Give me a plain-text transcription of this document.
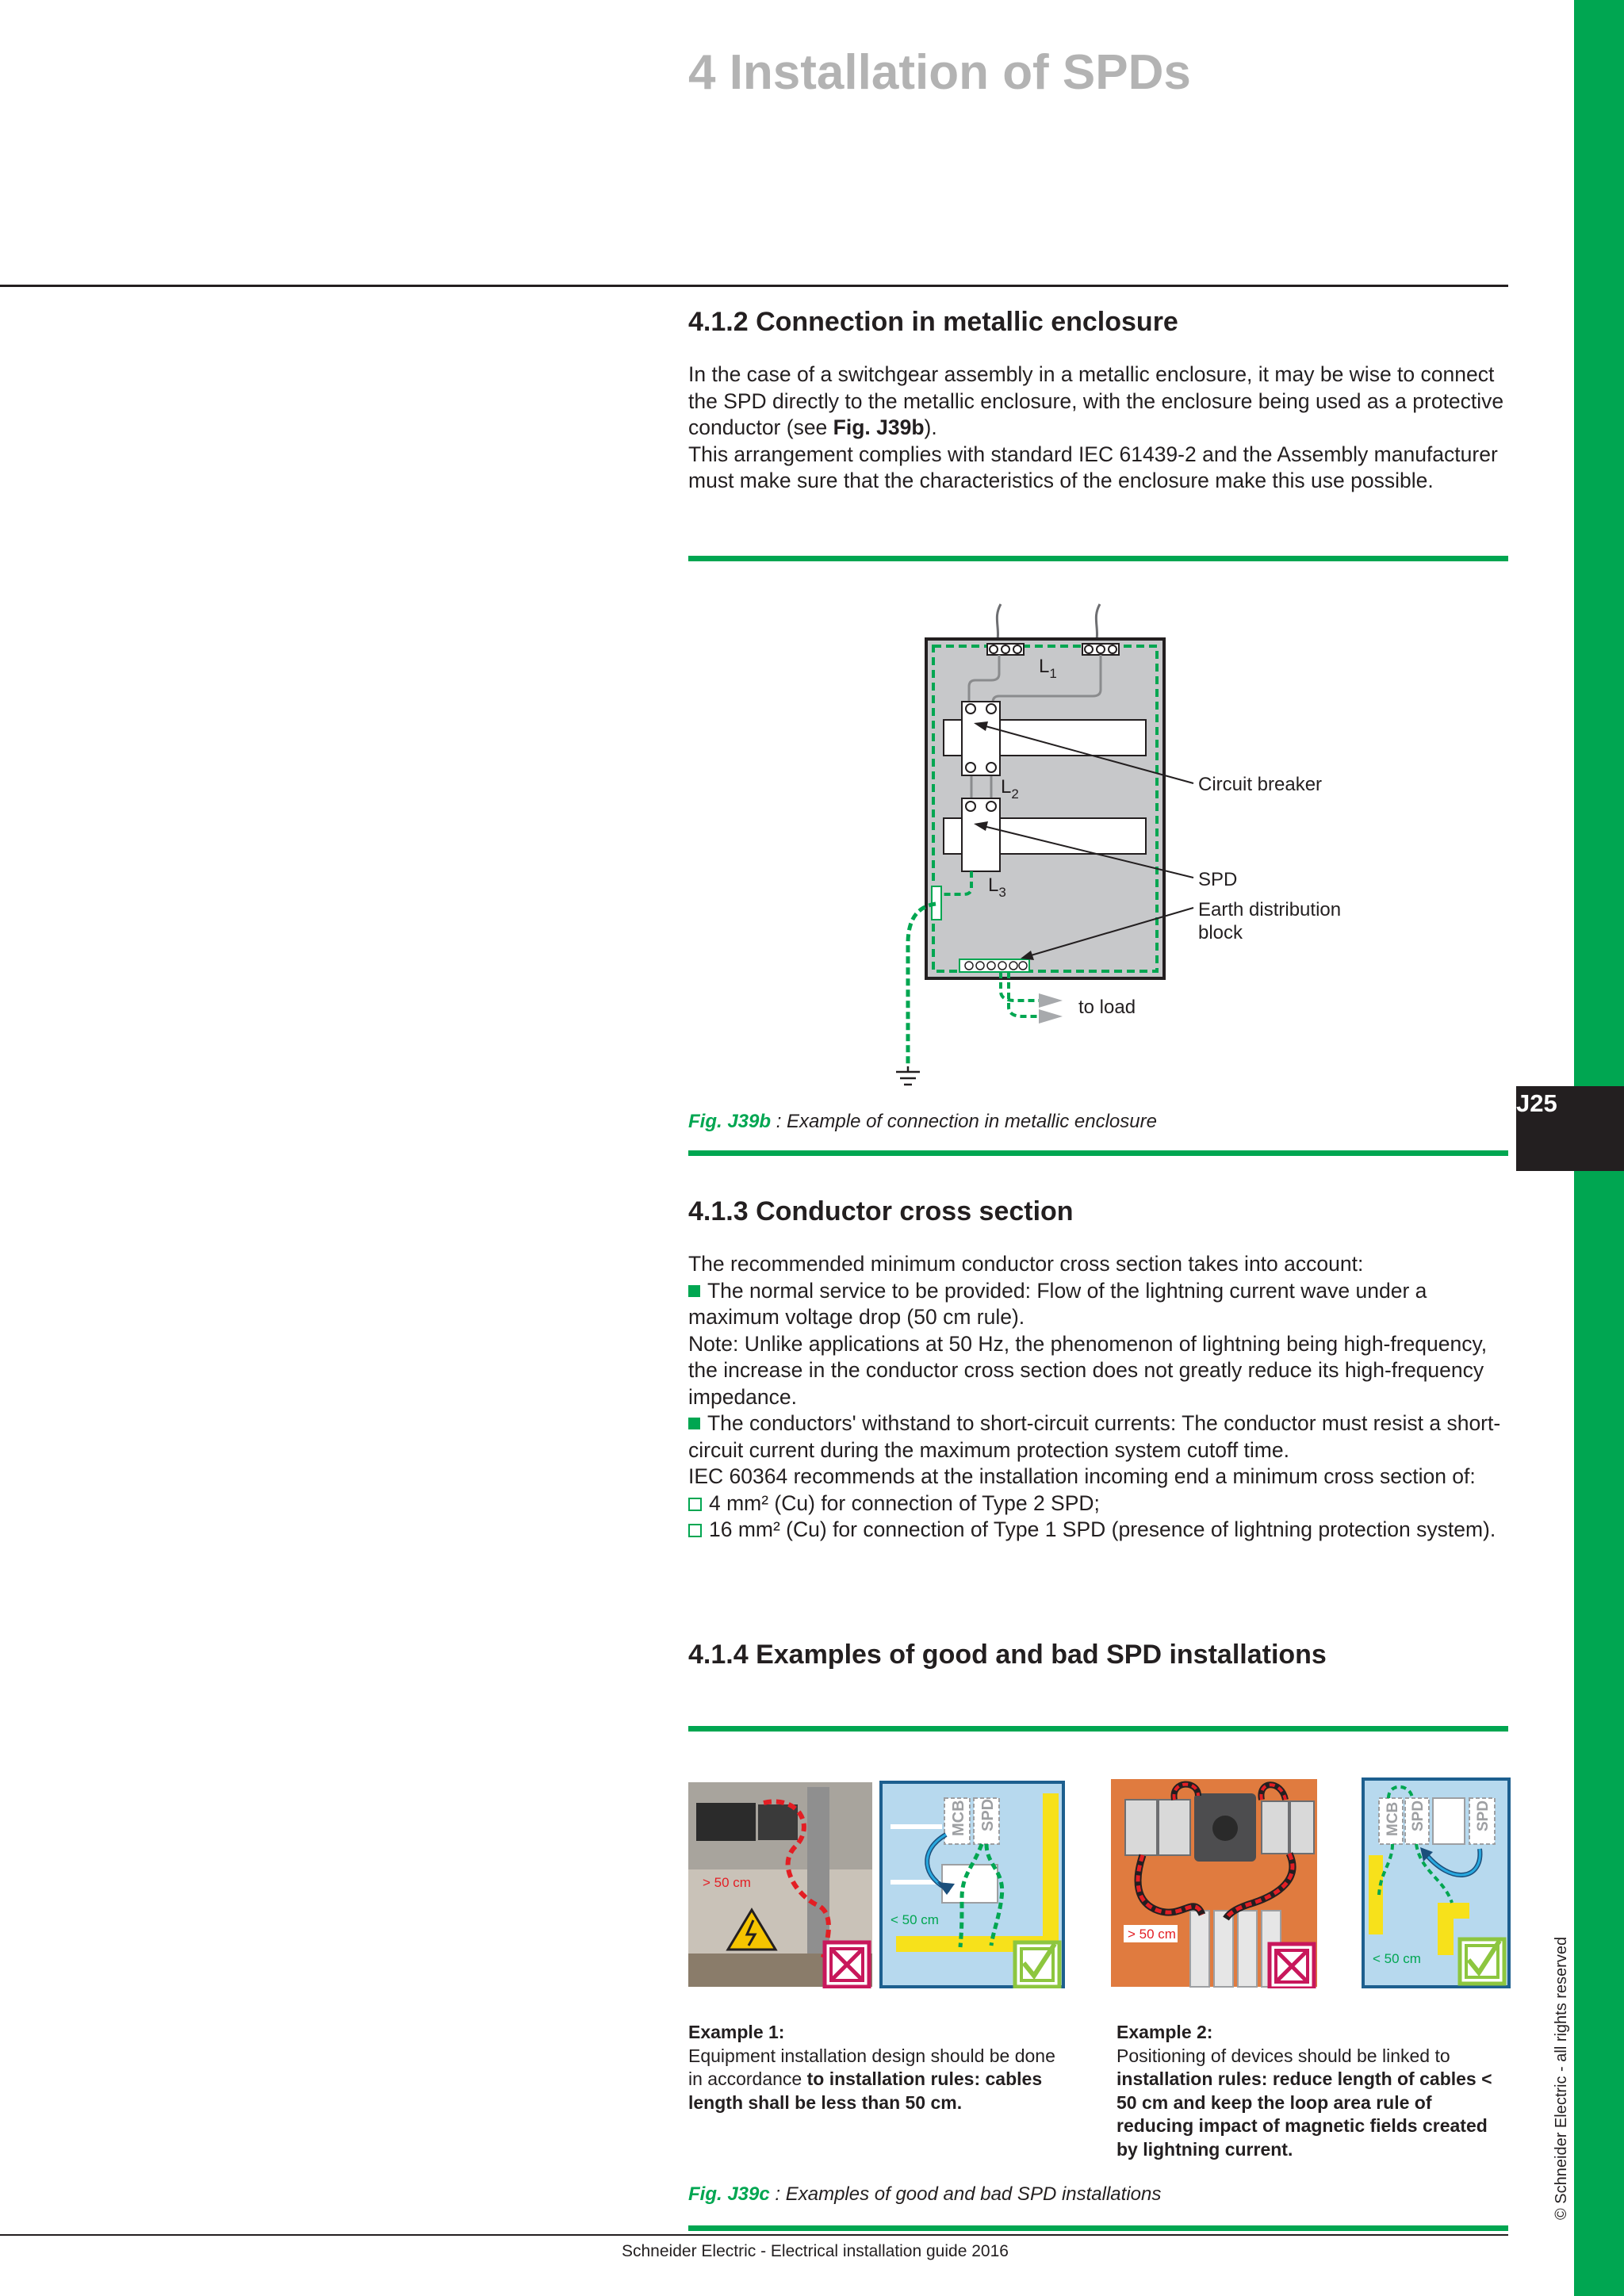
J25
© Schneider Electric - all rights reserved
4 Installation of SPDs
4.1.2 Connection in metallic enclosure

In the case of a switchgear assembly in a metallic enclosure, it may be wise to connect the SPD directly to the metallic enclosure, with the enclosure being used as a protective conductor (see Fig. J39b).

This arrangement complies with standard IEC 61439-2 and the Assembly manufacturer must make sure that the characteristics of the enclosure make this use possible.

$L_1$
$L_2$
$L_3$
Circuit breaker
SPD
Earth distribution
block
to load
Fig. J39b : Example of connection in metallic enclosure
4.1.3 Conductor cross section

The recommended minimum conductor cross section takes into account:

The normal service to be provided: Flow of the lightning current wave under a maximum voltage drop (50 cm rule).

Note: Unlike applications at 50 Hz, the phenomenon of lightning being high-frequency, the increase in the conductor cross section does not greatly reduce its high-frequency impedance.

The conductors' withstand to short-circuit currents: The conductor must resist a short-circuit current during the maximum protection system cutoff time.

IEC 60364 recommends at the installation incoming end a minimum cross section of:

4 mm² (Cu) for connection of Type 2 SPD;

16 mm² (Cu) for connection of Type 1 SPD (presence of lightning protection system).

4.1.4 Examples of good and bad SPD installations
> 50 cm
MCB SPD
< 50 cm
> 50 cm
MCB SPD	SPD
< 50 cm
Example 1:
Equipment installation design should be done in accordance to installation rules: cables length shall be less than 50 cm.
Example 2:
Positioning of devices should be linked to installation rules: reduce length of cables < 50 cm and keep the loop area rule of reducing impact of magnetic fields created by lightning current.
Fig. J39c : Examples of good and bad SPD installations
Schneider Electric - Electrical installation guide 2016
